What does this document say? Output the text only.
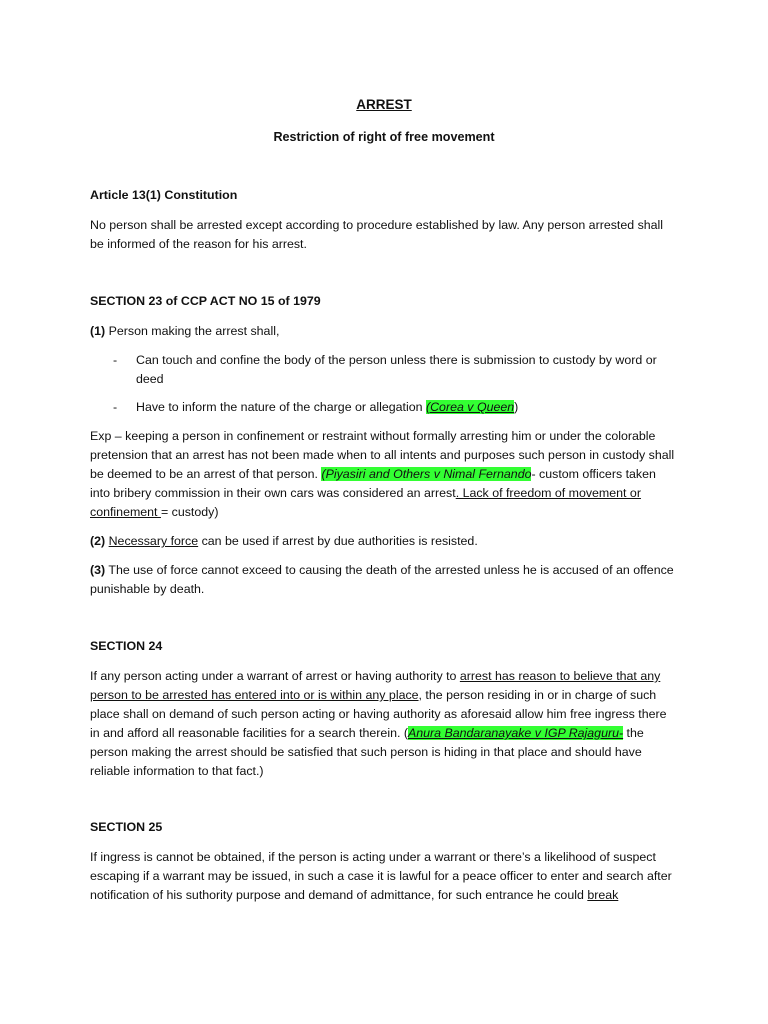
ARREST
Restriction of right of free movement

Article 13(1) Constitution

No person shall be arrested except according to procedure established by law. Any person arrested shall be informed of the reason for his arrest.

SECTION 23 of CCP ACT NO 15 of 1979

(1) Person making the arrest shall,

- Can touch and confine the body of the person unless there is submission to custody by word or deed
- Have to inform the nature of the charge or allegation (Corea v Queen)

Exp – keeping a person in confinement or restraint without formally arresting him or under the colorable pretension that an arrest has not been made when to all intents and purposes such person in custody shall be deemed to be an arrest of that person. (Piyasiri and Others v Nimal Fernando- custom officers taken into bribery commission in their own cars was considered an arrest. Lack of freedom of movement or confinement = custody)

(2) Necessary force can be used if arrest by due authorities is resisted.

(3) The use of force cannot exceed to causing the death of the arrested unless he is accused of an offence punishable by death.

SECTION 24

If any person acting under a warrant of arrest or having authority to arrest has reason to believe that any person to be arrested has entered into or is within any place, the person residing in or in charge of such place shall on demand of such person acting or having authority as aforesaid allow him free ingress there in and afford all reasonable facilities for a search therein. (Anura Bandaranayake v IGP Rajaguru- the person making the arrest should be satisfied that such person is hiding in that place and should have reliable information to that fact.)

SECTION 25

If ingress is cannot be obtained, if the person is acting under a warrant or there’s a likelihood of suspect escaping if a warrant may be issued, in such a case it is lawful for a peace officer to enter and search after notification of his suthority purpose and demand of admittance, for such entrance he could break
